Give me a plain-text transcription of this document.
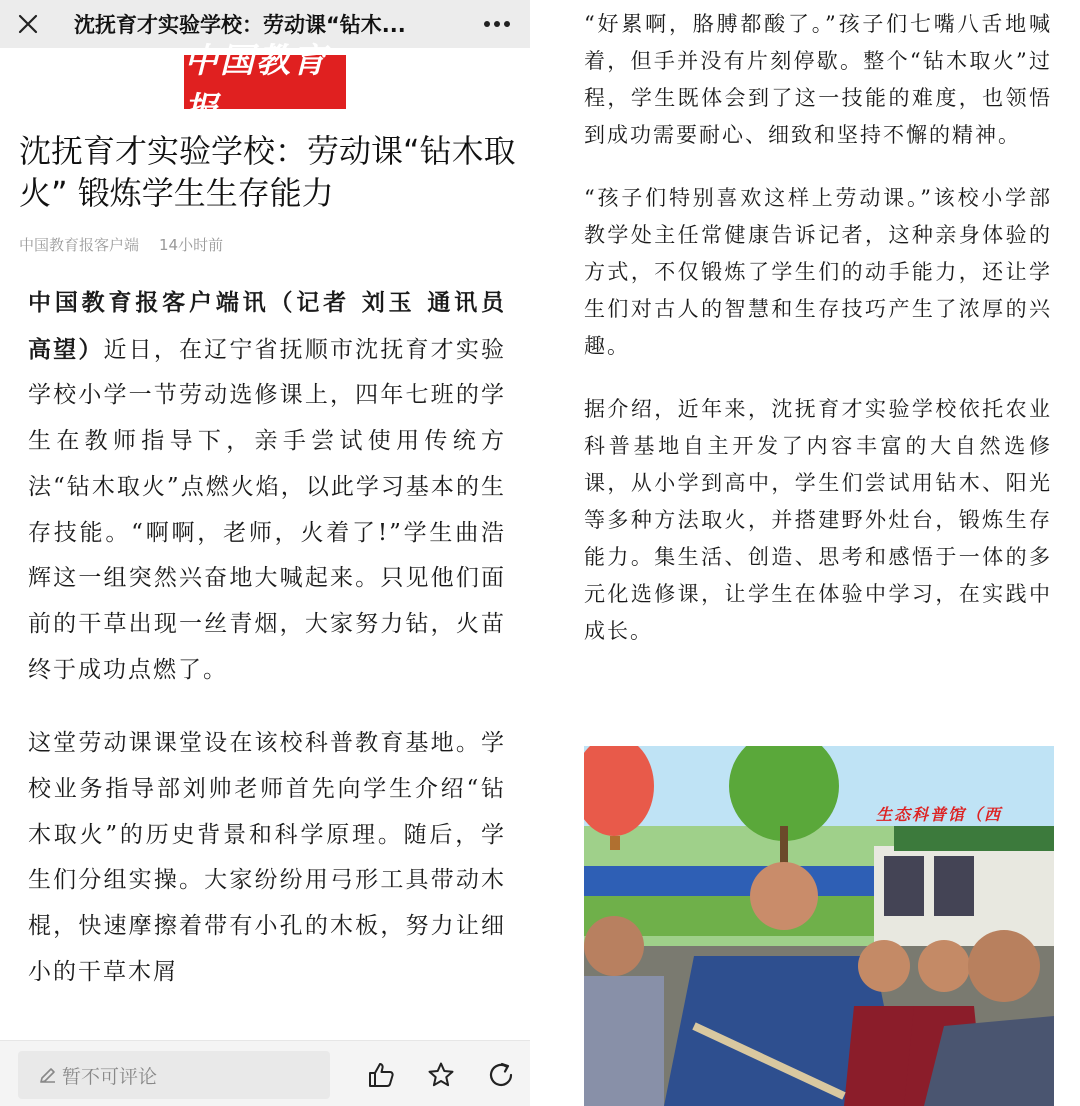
沈抚育才实验学校：劳动课“钻木...
中国教育报
沈抚育才实验学校：劳动课“钻木取火” 锻炼学生生存能力
中国教育报客户端 14小时前

中国教育报客户端讯（记者 刘玉 通讯员 高望）近日，在辽宁省抚顺市沈抚育才实验学校小学一节劳动选修课上，四年七班的学生在教师指导下，亲手尝试使用传统方法“钻木取火”点燃火焰，以此学习基本的生存技能。“啊啊，老师，火着了!”学生曲浩辉这一组突然兴奋地大喊起来。只见他们面前的干草出现一丝青烟，大家努力钻，火苗终于成功点燃了。

这堂劳动课课堂设在该校科普教育基地。学校业务指导部刘帅老师首先向学生介绍“钻木取火”的历史背景和科学原理。随后，学生们分组实操。大家纷纷用弓形工具带动木棍，快速摩擦着带有小孔的木板，努力让细小的干草木屑

暂不可评论

“好累啊，胳膊都酸了。”孩子们七嘴八舌地喊着，但手并没有片刻停歇。整个“钻木取火”过程，学生既体会到了这一技能的难度，也领悟到成功需要耐心、细致和坚持不懈的精神。

“孩子们特别喜欢这样上劳动课。”该校小学部教学处主任常健康告诉记者，这种亲身体验的方式，不仅锻炼了学生们的动手能力，还让学生们对古人的智慧和生存技巧产生了浓厚的兴趣。

据介绍，近年来，沈抚育才实验学校依托农业科普基地自主开发了内容丰富的大自然选修课，从小学到高中，学生们尝试用钻木、阳光等多种方法取火，并搭建野外灶台，锻炼生存能力。集生活、创造、思考和感悟于一体的多元化选修课，让学生在体验中学习，在实践中成长。

生态科普馆（西
